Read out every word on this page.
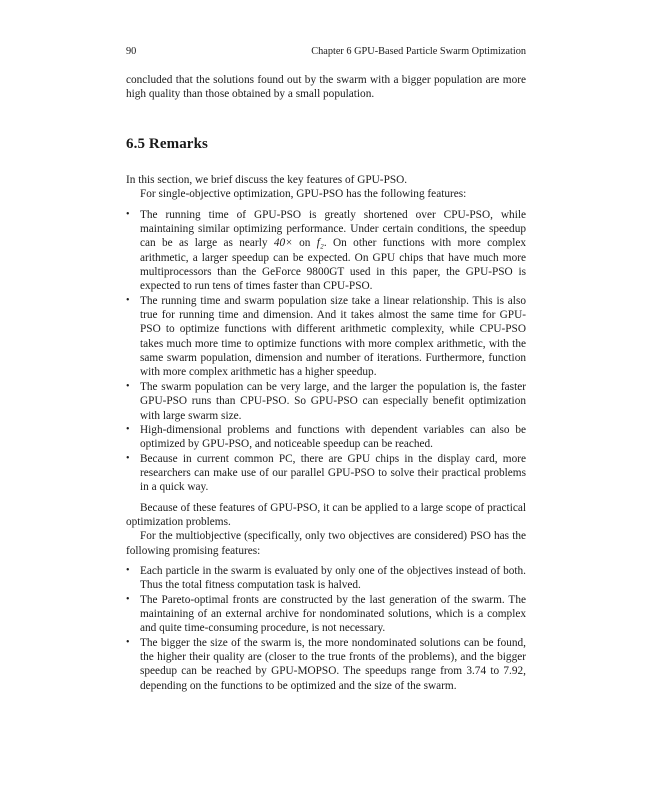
90	Chapter 6 GPU-Based Particle Swarm Optimization

concluded that the solutions found out by the swarm with a bigger population are more high quality than those obtained by a small population.

6.5 Remarks

In this section, we brief discuss the key features of GPU-PSO.

For single-objective optimization, GPU-PSO has the following features:

• The running time of GPU-PSO is greatly shortened over CPU-PSO, while maintaining similar optimizing performance. Under certain conditions, the speedup can be as large as nearly 40× on f₂. On other functions with more complex arithmetic, a larger speedup can be expected. On GPU chips that have much more multiprocessors than the GeForce 9800GT used in this paper, the GPU-PSO is expected to run tens of times faster than CPU-PSO.
• The running time and swarm population size take a linear relationship. This is also true for running time and dimension. And it takes almost the same time for GPU-PSO to optimize functions with different arithmetic complexity, while CPU-PSO takes much more time to optimize functions with more complex arithmetic, with the same swarm population, dimension and number of iterations. Furthermore, function with more complex arithmetic has a higher speedup.
• The swarm population can be very large, and the larger the population is, the faster GPU-PSO runs than CPU-PSO. So GPU-PSO can especially benefit optimization with large swarm size.
• High-dimensional problems and functions with dependent variables can also be optimized by GPU-PSO, and noticeable speedup can be reached.
• Because in current common PC, there are GPU chips in the display card, more researchers can make use of our parallel GPU-PSO to solve their practical problems in a quick way.

Because of these features of GPU-PSO, it can be applied to a large scope of practical optimization problems.

For the multiobjective (specifically, only two objectives are considered) PSO has the following promising features:

• Each particle in the swarm is evaluated by only one of the objectives instead of both. Thus the total fitness computation task is halved.
• The Pareto-optimal fronts are constructed by the last generation of the swarm. The maintaining of an external archive for nondominated solutions, which is a complex and quite time-consuming procedure, is not necessary.
• The bigger the size of the swarm is, the more nondominated solutions can be found, the higher their quality are (closer to the true fronts of the problems), and the bigger speedup can be reached by GPU-MOPSO. The speedups range from 3.74 to 7.92, depending on the functions to be optimized and the size of the swarm.
